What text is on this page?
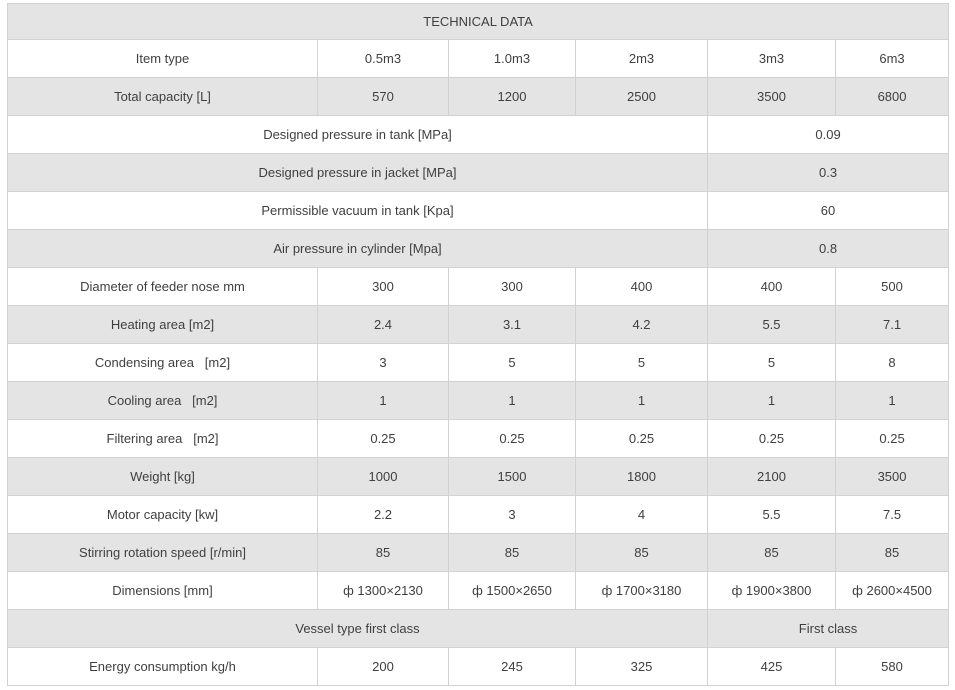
TECHNICAL DATA					
Item type	0.5m3	1.0m3	2m3	3m3	6m3
Total capacity [L]	570	1200	2500	3500	6800
Designed pressure in tank [MPa]				0.09	
Designed pressure in jacket [MPa]				0.3	
Permissible vacuum in tank [Kpa]				60	
Air pressure in cylinder [Mpa]				0.8	
Diameter of feeder nose mm	300	300	400	400	500
Heating area [m2]	2.4	3.1	4.2	5.5	7.1
Condensing area   [m2]	3	5	5	5	8
Cooling area   [m2]	1	1	1	1	1
Filtering area   [m2]	0.25	0.25	0.25	0.25	0.25
Weight [kg]	1000	1500	1800	2100	3500
Motor capacity [kw]	2.2	3	4	5.5	7.5
Stirring rotation speed [r/min]	85	85	85	85	85
Dimensions [mm]	ф 1300×2130	ф 1500×2650	ф 1700×3180	ф 1900×3800	ф 2600×4500
Vessel type first class				First class	
Energy consumption kg/h	200	245	325	425	580
